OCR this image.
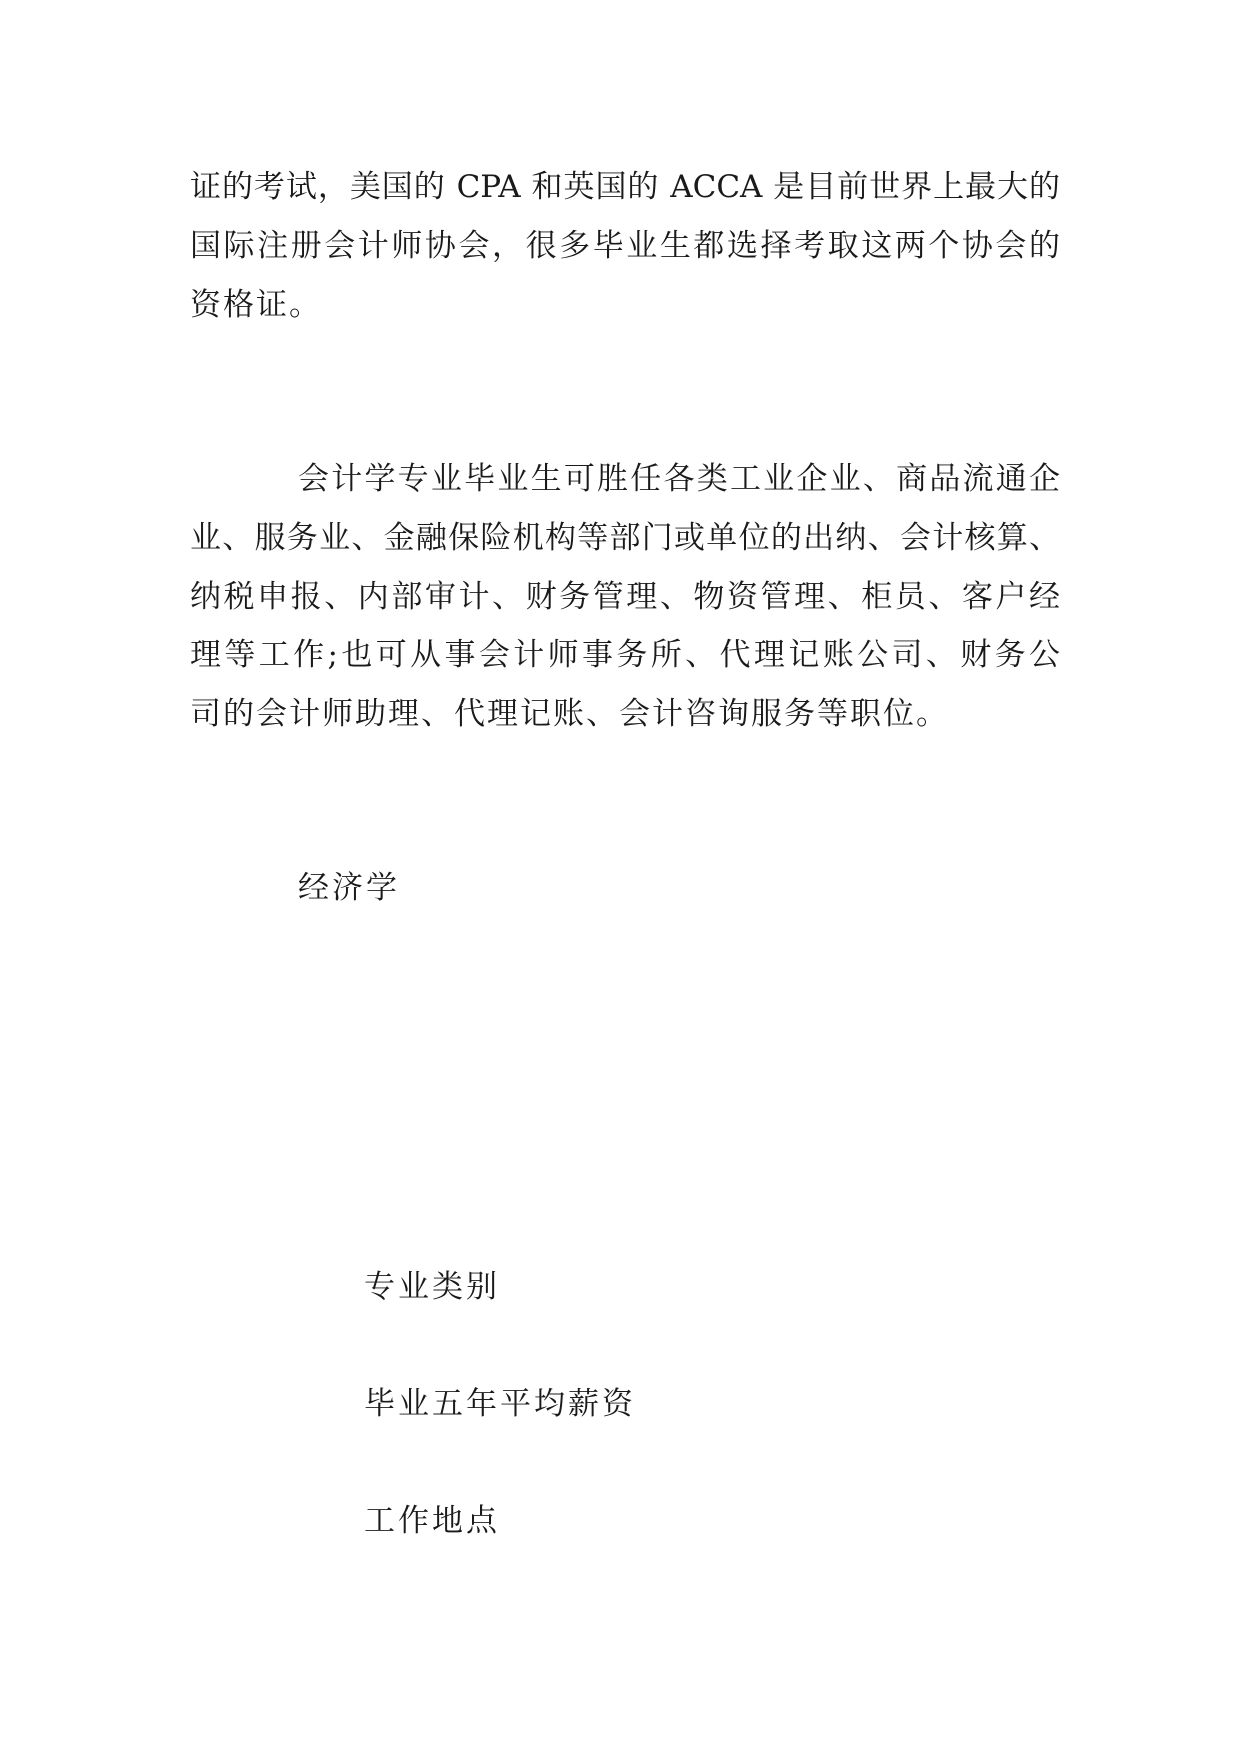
证的考试，美国的 CPA 和英国的 ACCA 是目前世界上最大的
国际注册会计师协会，很多毕业生都选择考取这两个协会的
资格证。
会计学专业毕业生可胜任各类工业企业、商品流通企
业、服务业、金融保险机构等部门或单位的出纳、会计核算、
纳税申报、内部审计、财务管理、物资管理、柜员、客户经
理等工作;也可从事会计师事务所、代理记账公司、财务公
司的会计师助理、代理记账、会计咨询服务等职位。
经济学
专业类别
毕业五年平均薪资
工作地点
